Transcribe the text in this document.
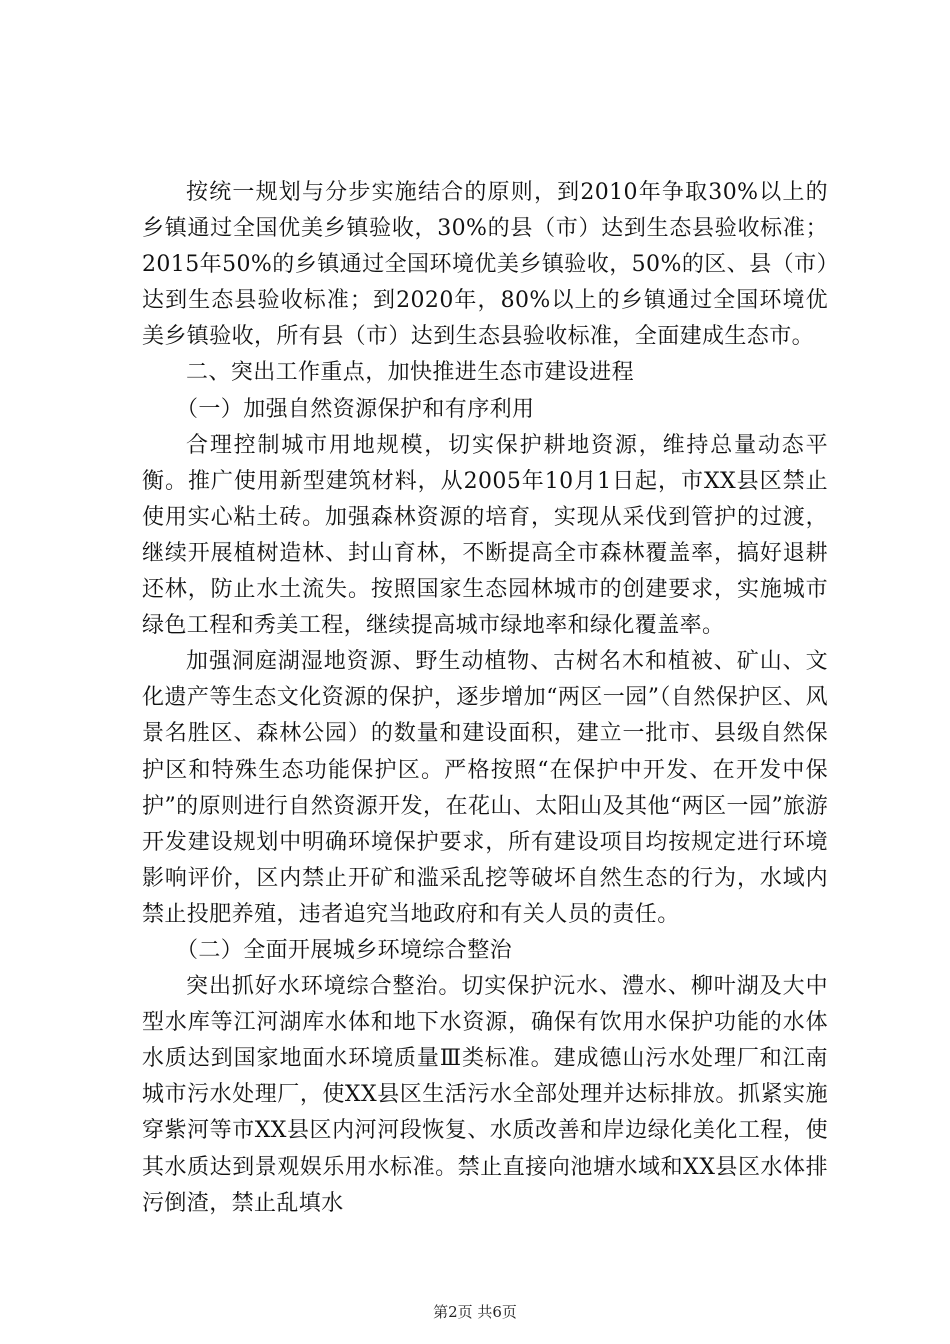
按统一规划与分步实施结合的原则，到2010年争取30%以上的乡镇通过全国优美乡镇验收，30%的县（市）达到生态县验收标准；2015年50%的乡镇通过全国环境优美乡镇验收，50%的区、县（市）达到生态县验收标准；到2020年，80%以上的乡镇通过全国环境优美乡镇验收，所有县（市）达到生态县验收标准，全面建成生态市。

二、突出工作重点，加快推进生态市建设进程

（一）加强自然资源保护和有序利用

合理控制城市用地规模，切实保护耕地资源，维持总量动态平衡。推广使用新型建筑材料，从2005年10月1日起，市XX县区禁止使用实心粘土砖。加强森林资源的培育，实现从采伐到管护的过渡，继续开展植树造林、封山育林，不断提高全市森林覆盖率，搞好退耕还林，防止水土流失。按照国家生态园林城市的创建要求，实施城市绿色工程和秀美工程，继续提高城市绿地率和绿化覆盖率。

加强洞庭湖湿地资源、野生动植物、古树名木和植被、矿山、文化遗产等生态文化资源的保护，逐步增加“两区一园”（自然保护区、风景名胜区、森林公园）的数量和建设面积，建立一批市、县级自然保护区和特殊生态功能保护区。严格按照“在保护中开发、在开发中保护”的原则进行自然资源开发，在花山、太阳山及其他“两区一园”旅游开发建设规划中明确环境保护要求，所有建设项目均按规定进行环境影响评价，区内禁止开矿和滥采乱挖等破坏自然生态的行为，水域内禁止投肥养殖，违者追究当地政府和有关人员的责任。

（二）全面开展城乡环境综合整治

突出抓好水环境综合整治。切实保护沅水、澧水、柳叶湖及大中型水库等江河湖库水体和地下水资源，确保有饮用水保护功能的水体水质达到国家地面水环境质量Ⅲ类标准。建成德山污水处理厂和江南城市污水处理厂，使XX县区生活污水全部处理并达标排放。抓紧实施穿紫河等市XX县区内河河段恢复、水质改善和岸边绿化美化工程，使其水质达到景观娱乐用水标准。禁止直接向池塘水域和XX县区水体排污倒渣，禁止乱填水

第2页 共6页
